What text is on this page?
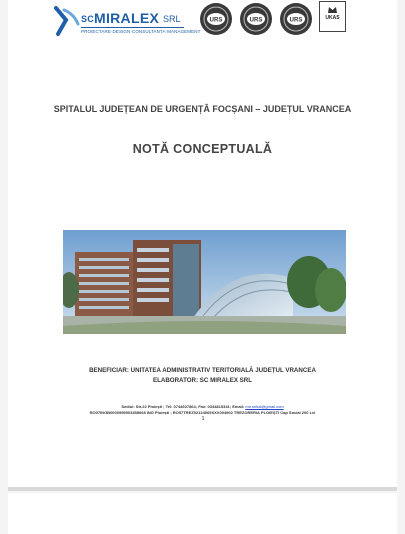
SC MIRALEX SRL
PROIECTARE·DESIGN·CONSULTANTA·MANAGEMENT
URS	URS	URS	UKAS
SPITALUL JUDEȚEAN DE URGENȚĂ FOCȘANI – JUDEȚUL VRANCEA
NOTĂ CONCEPTUALĂ
BENEFICIAR: UNITATEA ADMINISTRATIV TERITORIALĂ JUDEȚUL VRANCEA
ELABORATOR: SC MIRALEX SRL
Sediul: Str.22 Ploiești ; Tel: 0744607864; Fax: 0344815341; Email: mir.mihai@gmail.com
RO07INGB0000999903458068 ING Ploiești ; RO57TREZ52124069XXX004902 TREZORERIA PLOIEȘTI Cap Social 200 Lei
1
